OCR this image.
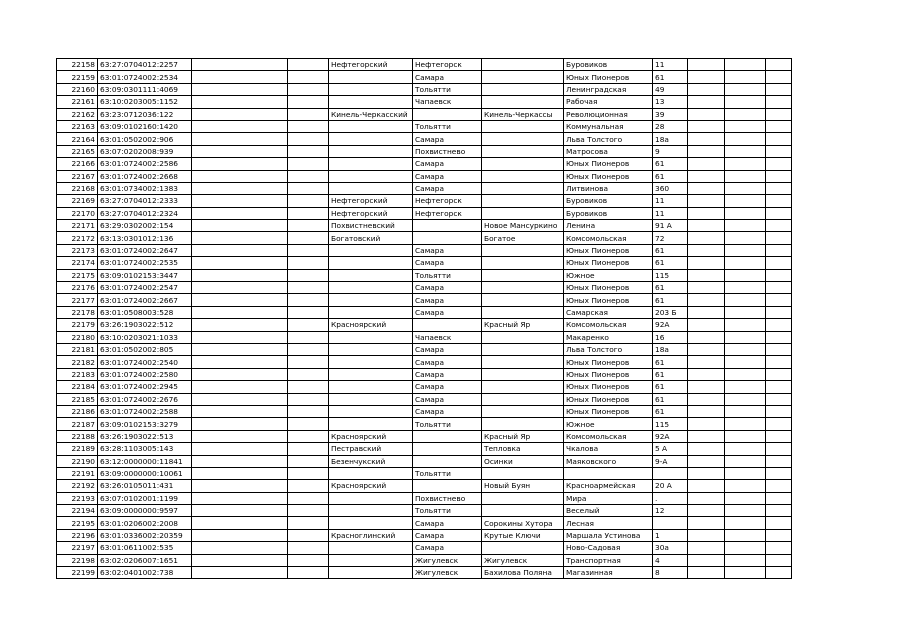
22158	63:27:0704012:2257			Нефтегорский	Нефтегорск		Буровиков	11			
22159	63:01:0724002:2534				Самара		Юных Пионеров	61			
22160	63:09:0301111:4069				Тольятти		Ленинградская	49			
22161	63:10:0203005:1152				Чапаевск		Рабочая	13			
22162	63:23:0712036:122			Кинель-Черкасский		Кинель-Черкассы	Революционная	39			
22163	63:09:0102160:1420				Тольятти		Коммунальная	28			
22164	63:01:0502002:906				Самара		Льва Толстого	18а			
22165	63:07:0202008:939				Похвистнево		Матросова	9			
22166	63:01:0724002:2586				Самара		Юных Пионеров	61			
22167	63:01:0724002:2668				Самара		Юных Пионеров	61			
22168	63:01:0734002:1383				Самара		Литвинова	360			
22169	63:27:0704012:2333			Нефтегорский	Нефтегорск		Буровиков	11			
22170	63:27:0704012:2324			Нефтегорский	Нефтегорск		Буровиков	11			
22171	63:29:0302002:154			Похвистневский		Новое Мансуркино	Ленина	91 А			
22172	63:13:0301012:136			Богатовский		Богатое	Комсомольская	72			
22173	63:01:0724002:2647				Самара		Юных Пионеров	61			
22174	63:01:0724002:2535				Самара		Юных Пионеров	61			
22175	63:09:0102153:3447				Тольятти		Южное	115			
22176	63:01:0724002:2547				Самара		Юных Пионеров	61			
22177	63:01:0724002:2667				Самара		Юных Пионеров	61			
22178	63:01:0508003:528				Самара		Самарская	203 Б			
22179	63:26:1903022:512			Красноярский		Красный Яр	Комсомольская	92А			
22180	63:10:0203021:1033				Чапаевск		Макаренко	16			
22181	63:01:0502002:805				Самара		Льва Толстого	18а			
22182	63:01:0724002:2540				Самара		Юных Пионеров	61			
22183	63:01:0724002:2580				Самара		Юных Пионеров	61			
22184	63:01:0724002:2945				Самара		Юных Пионеров	61			
22185	63:01:0724002:2676				Самара		Юных Пионеров	61			
22186	63:01:0724002:2588				Самара		Юных Пионеров	61			
22187	63:09:0102153:3279				Тольятти		Южное	115			
22188	63:26:1903022:513			Красноярский		Красный Яр	Комсомольская	92А			
22189	63:28:1103005:143			Пестравский		Тепловка	Чкалова	5 А			
22190	63:12:0000000:11841			Безенчукский		Осинки	Маяковского	9-А			
22191	63:09:0000000:10061				Тольятти						
22192	63:26:0105011:431			Красноярский		Новый Буян	Красноармейская	20 А			
22193	63:07:0102001:1199				Похвистнево		Мира	.			
22194	63:09:0000000:9597				Тольятти		Веселый	12			
22195	63:01:0206002:2008				Самара	Сорокины Хутора	Лесная				
22196	63:01:0336002:20359			Красноглинский	Самара	Крутые Ключи	Маршала Устинова	1			
22197	63:01:0611002:535				Самара		Ново-Садовая	30а			
22198	63:02:0206007:1651				Жигулевск	Жигулевск	Транспортная	4			
22199	63:02:0401002:738				Жигулевск	Бахилова Поляна	Магазинная	8			
